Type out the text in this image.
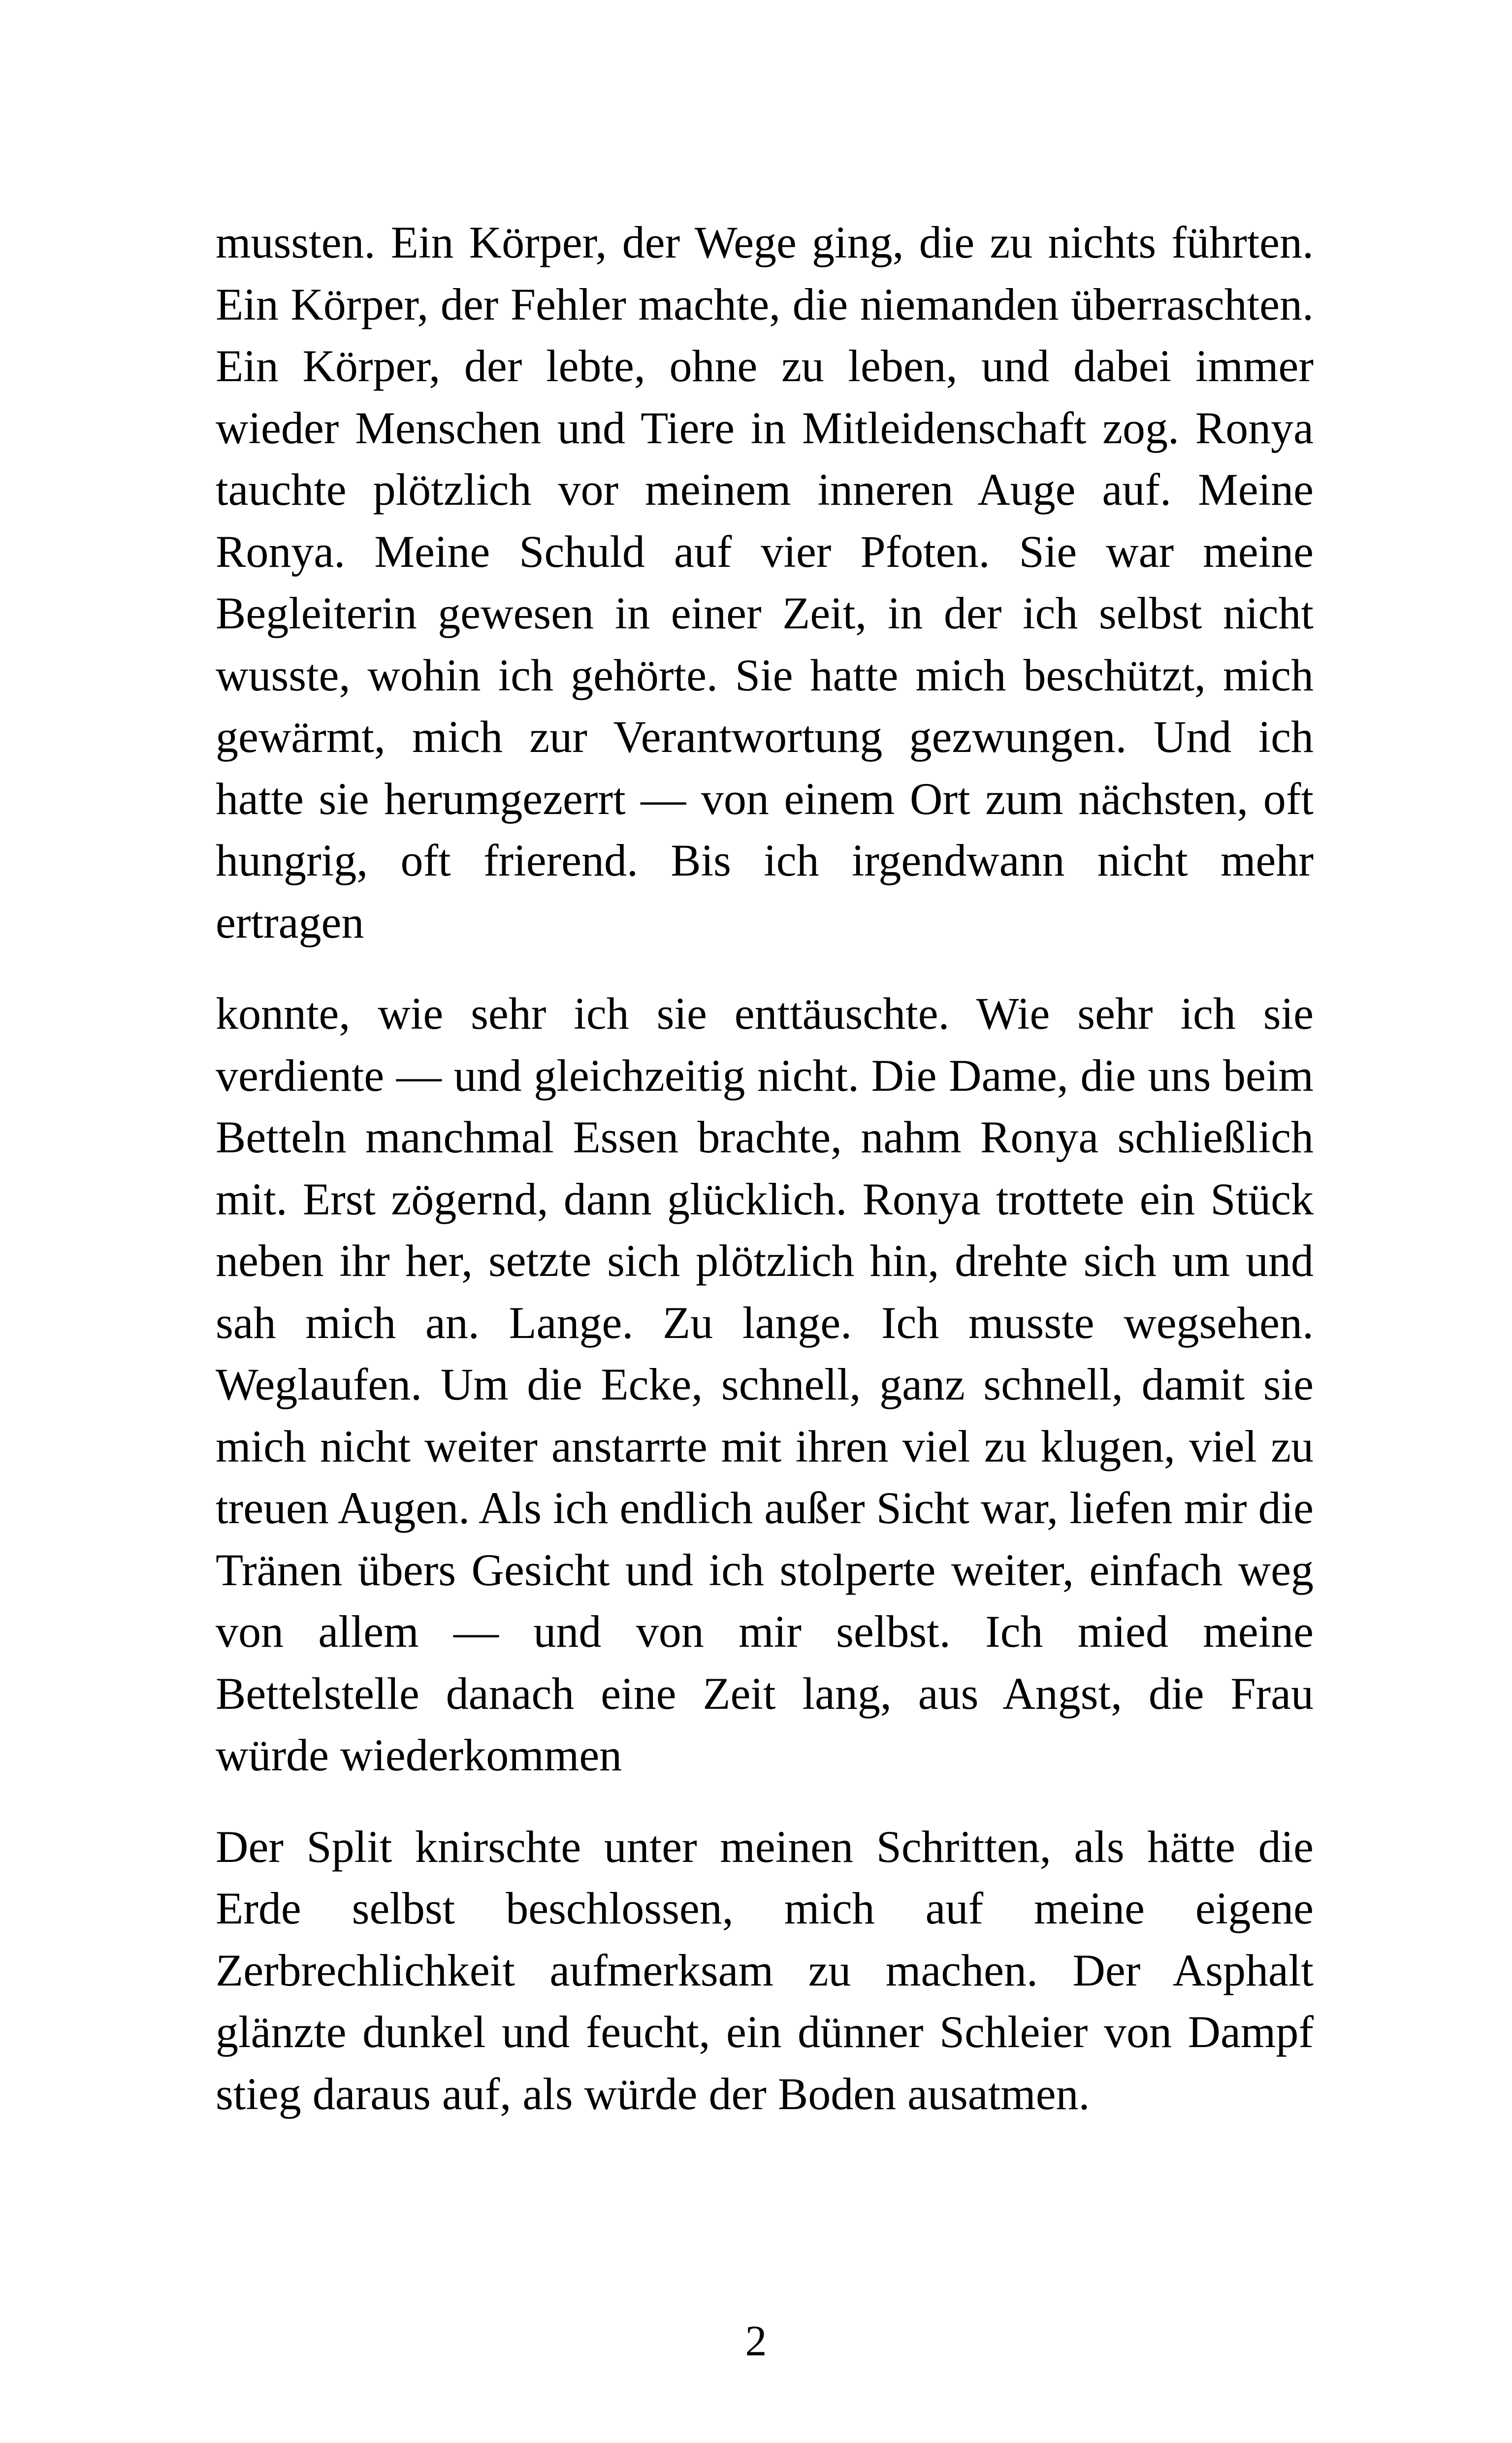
mussten. Ein Körper, der Wege ging, die zu nichts führten. Ein Körper, der Fehler machte, die niemanden überraschten. Ein Körper, der lebte, ohne zu leben, und dabei immer wieder Menschen und Tiere in Mitleidenschaft zog. Ronya tauchte plötzlich vor meinem inneren Auge auf. Meine Ronya. Meine Schuld auf vier Pfoten. Sie war meine Begleiterin gewesen in einer Zeit, in der ich selbst nicht wusste, wohin ich gehörte. Sie hatte mich beschützt, mich gewärmt, mich zur Verantwortung gezwungen. Und ich hatte sie herumgezerrt — von einem Ort zum nächsten, oft hungrig, oft frierend. Bis ich irgendwann nicht mehr ertragen

konnte, wie sehr ich sie enttäuschte. Wie sehr ich sie verdiente — und gleichzeitig nicht. Die Dame, die uns beim Betteln manchmal Essen brachte, nahm Ronya schließlich mit. Erst zögernd, dann glücklich. Ronya trottete ein Stück neben ihr her, setzte sich plötzlich hin, drehte sich um und sah mich an. Lange. Zu lange. Ich musste wegsehen. Weglaufen. Um die Ecke, schnell, ganz schnell, damit sie mich nicht weiter anstarrte mit ihren viel zu klugen, viel zu treuen Augen. Als ich endlich außer Sicht war, liefen mir die Tränen übers Gesicht und ich stolperte weiter, einfach weg von allem — und von mir selbst. Ich mied meine Bettelstelle danach eine Zeit lang, aus Angst, die Frau würde wiederkommen

Der Split knirschte unter meinen Schritten, als hätte die Erde selbst beschlossen, mich auf meine eigene Zerbrechlichkeit aufmerksam zu machen. Der Asphalt glänzte dunkel und feucht, ein dünner Schleier von Dampf stieg daraus auf, als würde der Boden ausatmen.

2
